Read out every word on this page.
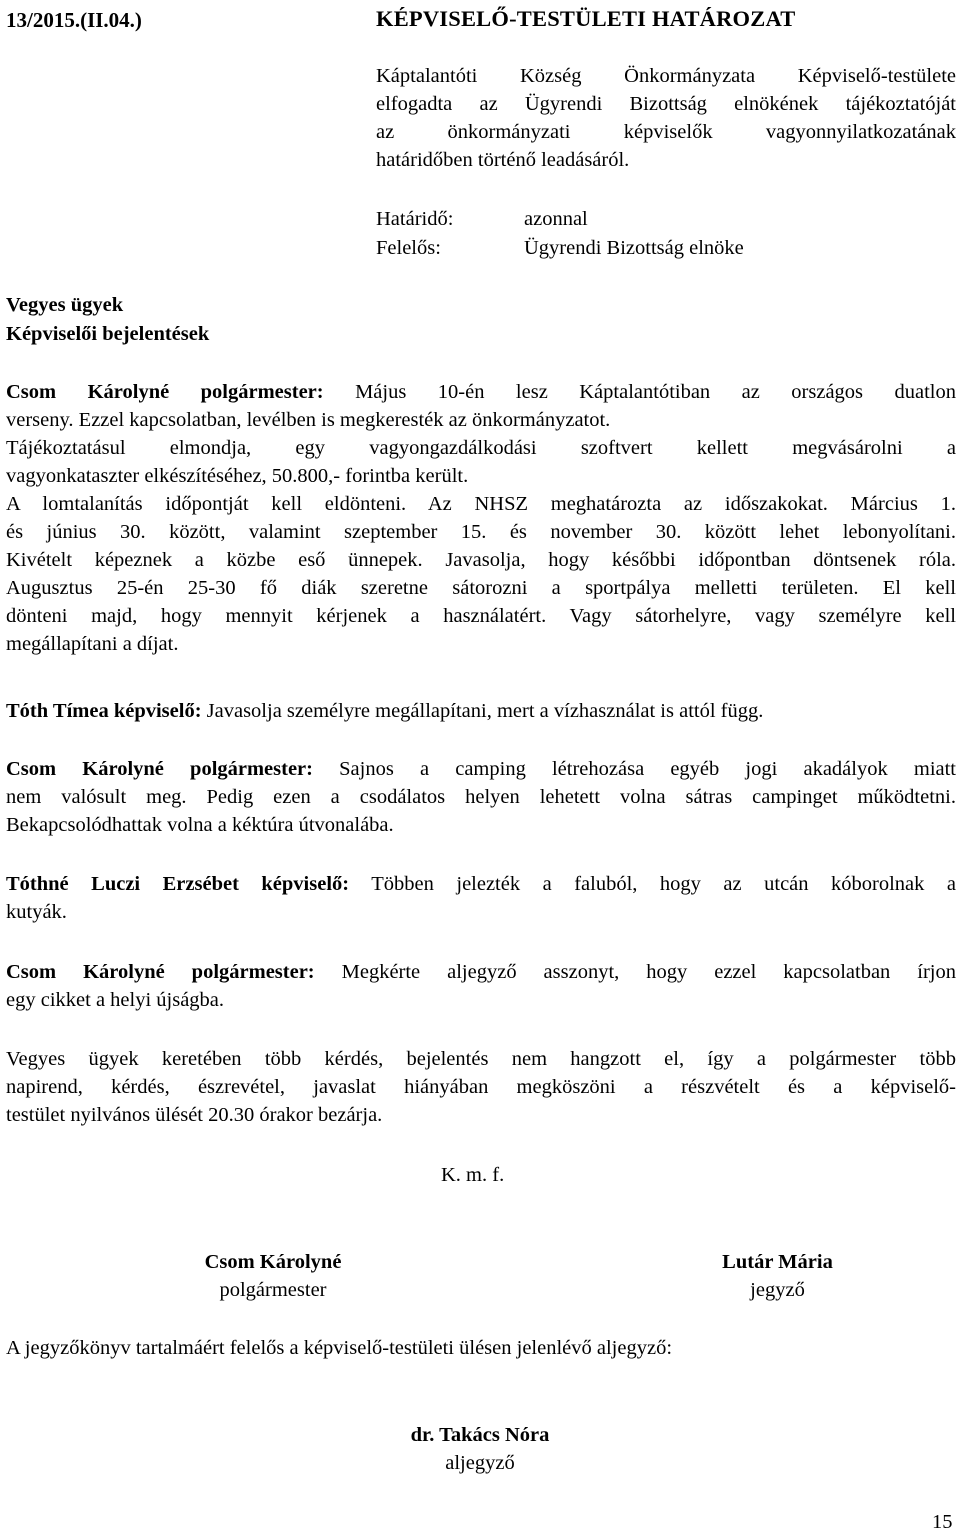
13/2015.(II.04.)	KÉPVISELŐ-TESTÜLETI HATÁROZAT
Káptalantóti Község Önkormányzata Képviselő-testülete
elfogadta az Ügyrendi Bizottság elnökének tájékoztatóját
az önkormányzati képviselők vagyonnyilatkozatának
határidőben történő leadásáról.
Határidő:	azonnal
Felelős:	Ügyrendi Bizottság elnöke
Vegyes ügyek
Képviselői bejelentések
Csom Károlyné polgármester: Május 10-én lesz Káptalantótiban az országos duatlon
verseny. Ezzel kapcsolatban, levélben is megkeresték az önkormányzatot.
Tájékoztatásul elmondja, egy vagyongazdálkodási szoftvert kellett megvásárolni a
vagyonkataszter elkészítéséhez, 50.800,- forintba került.
A lomtalanítás időpontját kell eldönteni. Az NHSZ meghatározta az időszakokat. Március 1.
és június 30. között, valamint szeptember 15. és november 30. között lehet lebonyolítani.
Kivételt képeznek a közbe eső ünnepek. Javasolja, hogy későbbi időpontban döntsenek róla.
Augusztus 25-én 25-30 fő diák szeretne sátorozni a sportpálya melletti területen. El kell
dönteni majd, hogy mennyit kérjenek a használatért. Vagy sátorhelyre, vagy személyre kell
megállapítani a díjat.
Tóth Tímea képviselő: Javasolja személyre megállapítani, mert a vízhasználat is attól függ.
Csom Károlyné polgármester: Sajnos a camping létrehozása egyéb jogi akadályok miatt
nem valósult meg. Pedig ezen a csodálatos helyen lehetett volna sátras campinget működtetni.
Bekapcsolódhattak volna a kéktúra útvonalába.
Tóthné Luczi Erzsébet képviselő: Többen jelezték a faluból, hogy az utcán kóborolnak a
kutyák.
Csom Károlyné polgármester: Megkérte aljegyző asszonyt, hogy ezzel kapcsolatban írjon
egy cikket a helyi újságba.
Vegyes ügyek keretében több kérdés, bejelentés nem hangzott el, így a polgármester több
napirend, kérdés, észrevétel, javaslat hiányában megköszöni a részvételt és a képviselő-
testület nyilvános ülését 20.30 órakor bezárja.
K. m. f.
Csom Károlyné
polgármester
Lutár Mária
jegyző
A jegyzőkönyv tartalmáért felelős a képviselő-testületi ülésen jelenlévő aljegyző:
dr. Takács Nóra
aljegyző
15
